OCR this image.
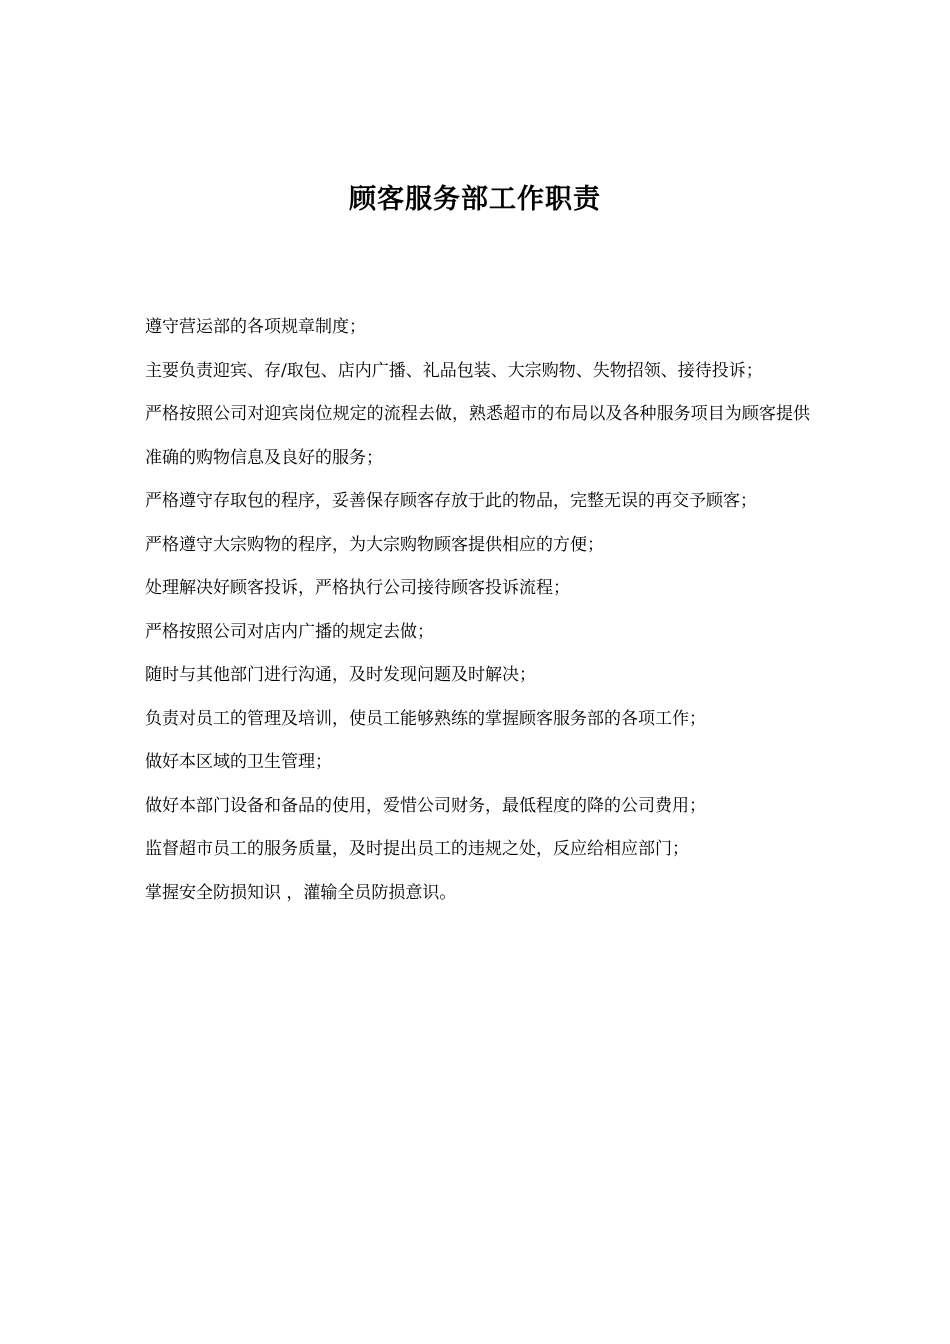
顾客服务部工作职责
遵守营运部的各项规章制度；
主要负责迎宾、存/取包、店内广播、礼品包装、大宗购物、失物招领、接待投诉；
严格按照公司对迎宾岗位规定的流程去做，熟悉超市的布局以及各种服务项目为顾客提供准确的购物信息及良好的服务；
严格遵守存取包的程序，妥善保存顾客存放于此的物品，完整无误的再交予顾客；
严格遵守大宗购物的程序，为大宗购物顾客提供相应的方便；
处理解决好顾客投诉，严格执行公司接待顾客投诉流程；
严格按照公司对店内广播的规定去做；
随时与其他部门进行沟通，及时发现问题及时解决；
负责对员工的管理及培训，使员工能够熟练的掌握顾客服务部的各项工作；
做好本区域的卫生管理；
做好本部门设备和备品的使用，爱惜公司财务，最低程度的降的公司费用；
监督超市员工的服务质量，及时提出员工的违规之处，反应给相应部门；
掌握安全防损知识 ，灌输全员防损意识。
